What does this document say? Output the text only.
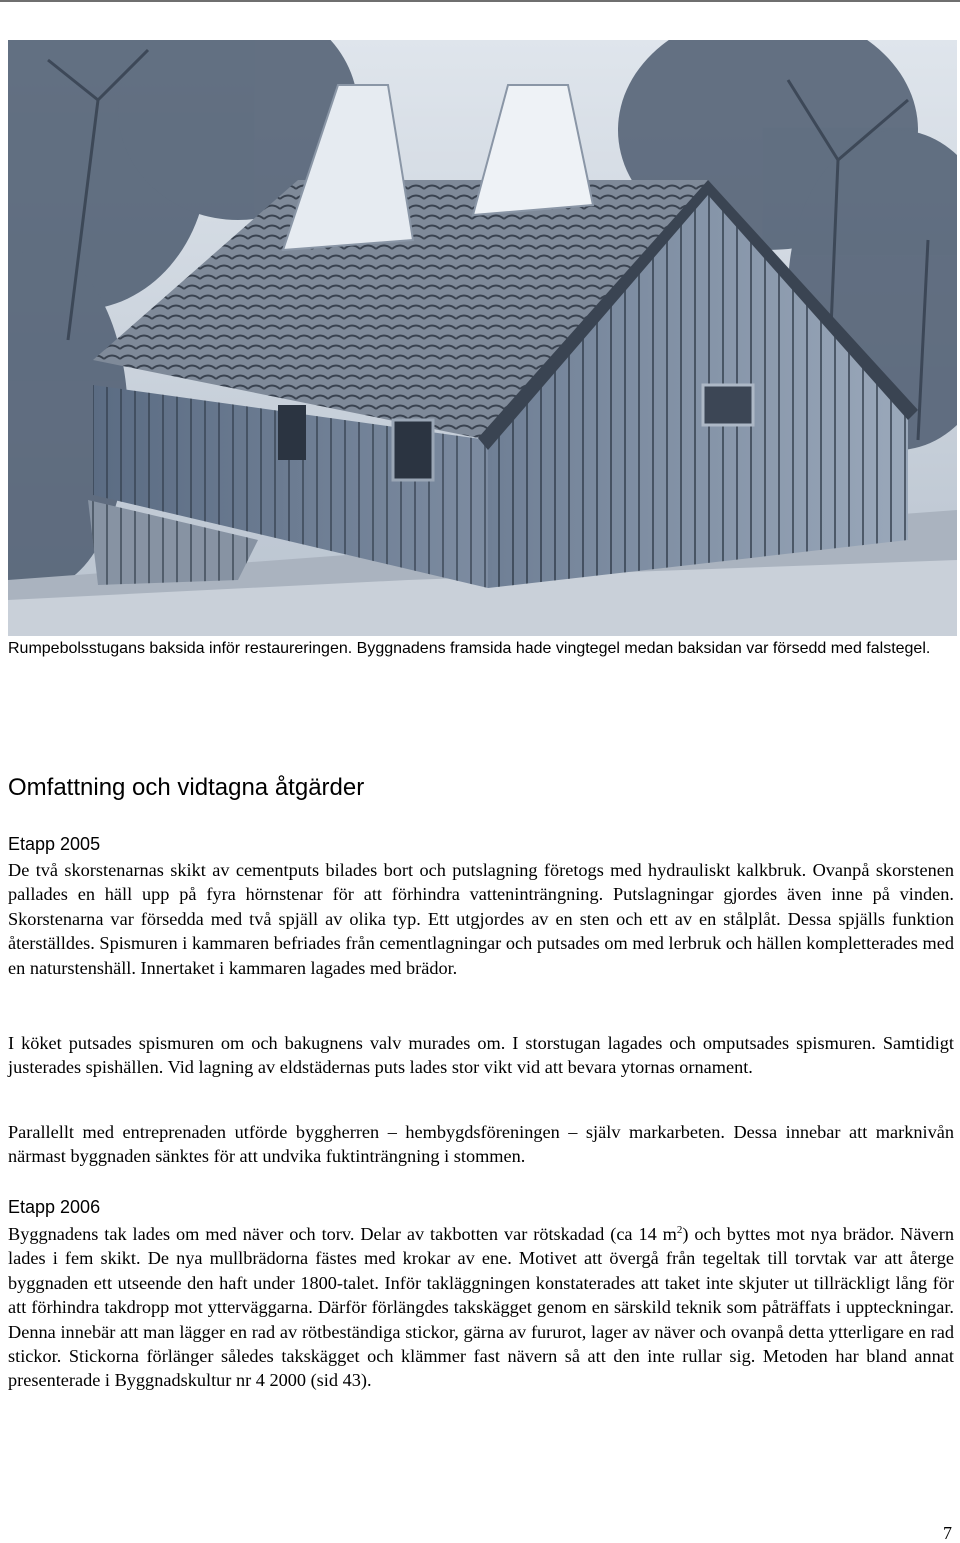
Rumpebolsstugans baksida inför restaureringen. Byggnadens framsida hade vingtegel medan baksidan var försedd med falstegel.

Omfattning och vidtagna åtgärder
Etapp 2005

De två skorstenarnas skikt av cementputs bilades bort och putslagning företogs med hydrauliskt kalkbruk. Ovanpå skorstenen pallades en häll upp på fyra hörnstenar för att förhindra vatteninträngning. Putslagningar gjordes även inne på vinden. Skorstenarna var försedda med två spjäll av olika typ. Ett utgjordes av en sten och ett av en stålplåt. Dessa spjälls funktion återställdes. Spismuren i kammaren befriades från cementlagningar och putsades om med lerbruk och hällen kompletterades med en naturstenshäll. Innertaket i kammaren lagades med brädor.

I köket putsades spismuren om och bakugnens valv murades om. I storstugan lagades och omputsades spismuren. Samtidigt justerades spishällen. Vid lagning av eldstädernas puts lades stor vikt vid att bevara ytornas ornament.

Parallellt med entreprenaden utförde byggherren – hembygdsföreningen – själv markarbeten. Dessa innebar att marknivån närmast byggnaden sänktes för att undvika fuktinträngning i stommen.

Etapp 2006

Byggnadens tak lades om med näver och torv. Delar av takbotten var rötskadad (ca 14 $m^2$) och byttes mot nya brädor. Nävern lades i fem skikt. De nya mullbrädorna fästes med krokar av ene. Motivet att övergå från tegeltak till torvtak var att återge byggnaden ett utseende den haft under 1800-talet. Inför takläggningen konstaterades att taket inte skjuter ut tillräckligt lång för att förhindra takdropp mot ytterväggarna. Därför förlängdes takskägget genom en särskild teknik som påträffats i uppteckningar. Denna innebär att man lägger en rad av rötbeständiga stickor, gärna av fururot, lager av näver och ovanpå detta ytterligare en rad stickor. Stickorna förlänger således takskägget och klämmer fast nävern så att den inte rullar sig. Metoden har bland annat presenterade i Byggnadskultur nr 4 2000 (sid 43).

7
